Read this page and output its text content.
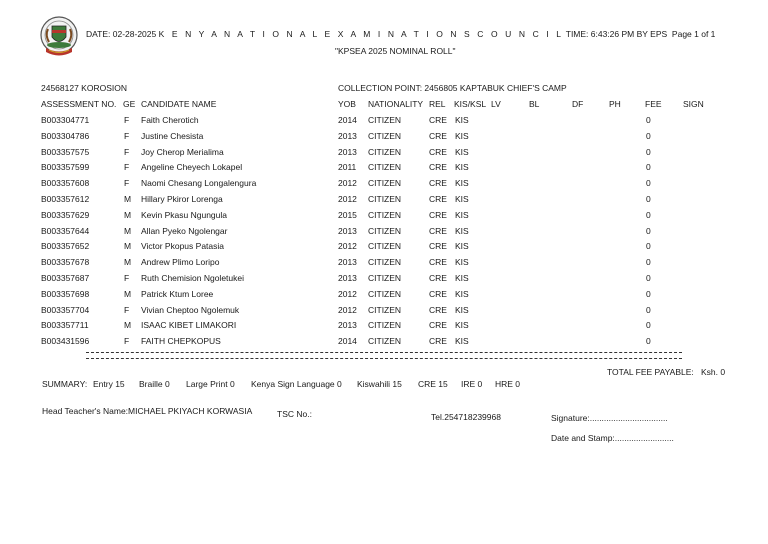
DATE: 02-28-2025 K E N Y A N A T I O N A L E X A M I N A T I O N S C O U N C I L TIME: 6:43:26 PM BY EPS Page 1 of 1
"KPSEA 2025 NOMINAL ROLL"
24568127 KOROSION	COLLECTION POINT: 2456805 KAPTABUK CHIEF'S CAMP
ASSESSMENT NO. GE CANDIDATE NAME	YOB NATIONALITY REL KIS/KSL LV	BL	DF	PH	FEE	SIGN
B003304771	F Faith Cherotich	2014 CITIZEN	CRE KIS	0
B003304786	F Justine Chesista	2013 CITIZEN	CRE KIS	0
B003357575	F Joy Cherop Merialima	2013 CITIZEN	CRE KIS	0
B003357599	F Angeline Cheyech Lokapel	2011 CITIZEN	CRE KIS	0
B003357608	F Naomi Chesang Longalengura	2012 CITIZEN	CRE KIS	0
B003357612	M Hillary Pkiror Lorenga	2012 CITIZEN	CRE KIS	0
B003357629	M Kevin Pkasu Ngungula	2015 CITIZEN	CRE KIS	0
B003357644	M Allan Pyeko Ngolengar	2013 CITIZEN	CRE KIS	0
B003357652	M Victor Pkopus Patasia	2012 CITIZEN	CRE KIS	0
B003357678	M Andrew Plimo Loripo	2013 CITIZEN	CRE KIS	0
B003357687	F Ruth Chemision Ngoletukei	2013 CITIZEN	CRE KIS	0
B003357698	M Patrick Ktum Loree	2012 CITIZEN	CRE KIS	0
B003357704	F Vivian Cheptoo Ngolemuk	2012 CITIZEN	CRE KIS	0
B003357711	M ISAAC KIBET LIMAKORI	2013 CITIZEN	CRE KIS	0
B003431596	F FAITH CHEPKOPUS	2014 CITIZEN	CRE KIS	0
TOTAL FEE PAYABLE: Ksh. 0
SUMMARY: Entry 15 Braille 0 Large Print 0 Kenya Sign Language 0 Kiswahili 15 CRE 15 IRE 0 HRE 0
Head Teacher's Name:MICHAEL PKIYACH KORWASIA	TSC No.:	Tel.254718239968	Signature:.................................
Date and Stamp:.........................
